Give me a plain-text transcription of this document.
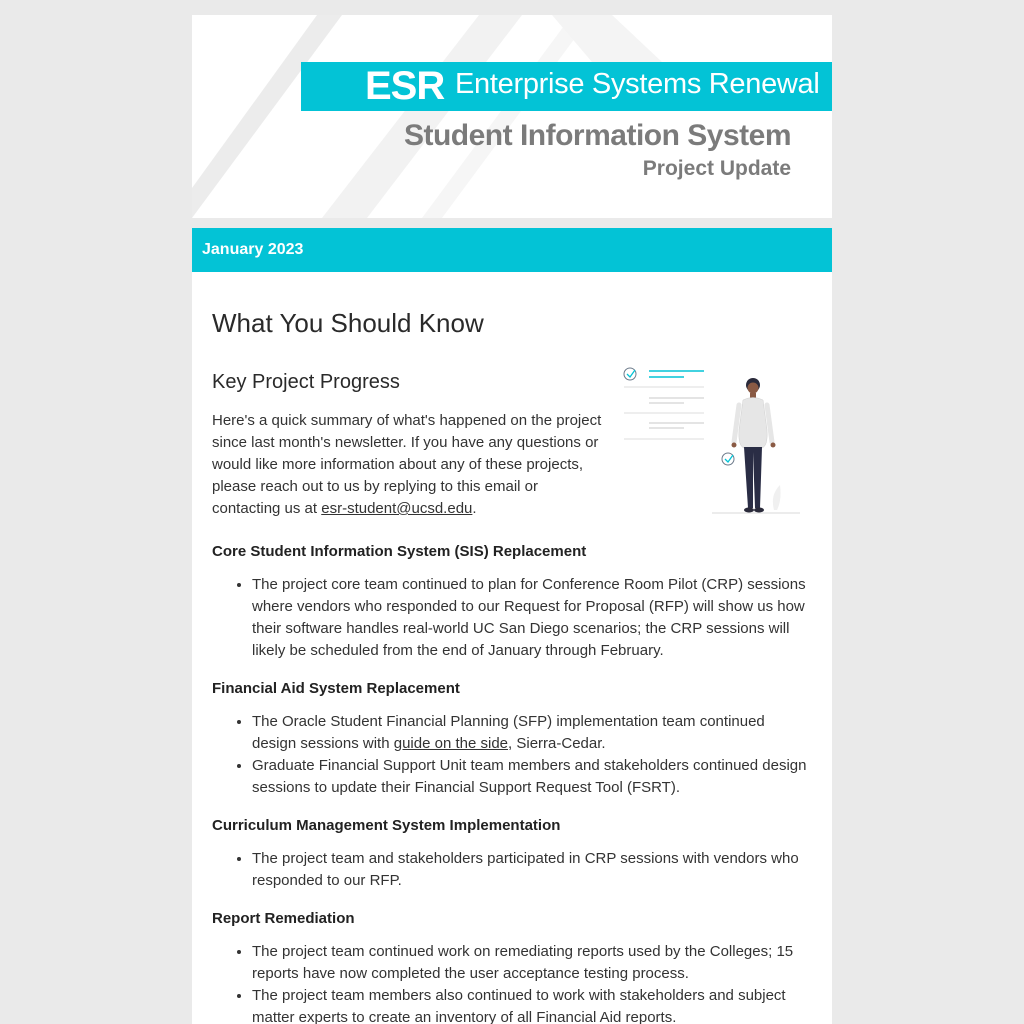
ESR Enterprise Systems Renewal
Student Information System
Project Update
January 2023
What You Should Know
Key Project Progress

Here's a quick summary of what's happened on the project since last month's newsletter. If you have any questions or would like more information about any of these projects, please reach out to us by replying to this email or contacting us at esr-student@ucsd.edu.

Core Student Information System (SIS) Replacement
• The project core team continued to plan for Conference Room Pilot (CRP) sessions where vendors who responded to our Request for Proposal (RFP) will show us how their software handles real-world UC San Diego scenarios; the CRP sessions will likely be scheduled from the end of January through February.
Financial Aid System Replacement
• The Oracle Student Financial Planning (SFP) implementation team continued design sessions with guide on the side, Sierra-Cedar.
• Graduate Financial Support Unit team members and stakeholders continued design sessions to update their Financial Support Request Tool (FSRT).
Curriculum Management System Implementation
• The project team and stakeholders participated in CRP sessions with vendors who responded to our RFP.
Report Remediation
• The project team continued work on remediating reports used by the Colleges; 15 reports have now completed the user acceptance testing process.
• The project team members also continued to work with stakeholders and subject matter experts to create an inventory of all Financial Aid reports.
